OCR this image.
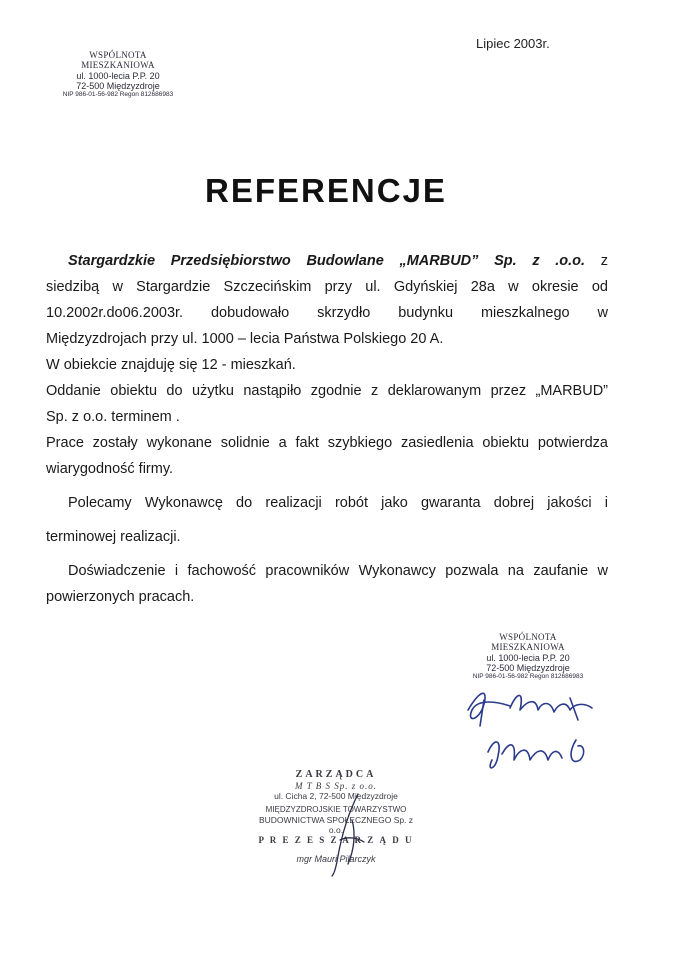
WSPÓLNOTA MIESZKANIOWA
ul. 1000-lecia P.P. 20
72-500 Międzyzdroje
NIP 986-01-56-982 Regon 812686983
Lipiec 2003r.
REFERENCJE

Stargardzkie Przedsiębiorstwo Budowlane „MARBUD” Sp. z .o.o. z

siedzibą w Stargardzie Szczecińskim przy ul. Gdyńskiej 28a w okresie od

10.2002r.do06.2003r. dobudowało skrzydło budynku mieszkalnego w

Międzyzdrojach przy ul. 1000 – lecia Państwa Polskiego 20 A.

W obiekcie znajduję się 12 - mieszkań.

Oddanie obiektu do użytku nastąpiło zgodnie z deklarowanym przez „MARBUD”

Sp. z o.o. terminem .

Prace zostały wykonane solidnie a fakt szybkiego zasiedlenia obiektu potwierdza

wiarygodność firmy.

Polecamy Wykonawcę do realizacji robót jako gwaranta dobrej jakości i

terminowej realizacji.

Doświadczenie i fachowość pracowników Wykonawcy pozwala na zaufanie w

powierzonych pracach.

WSPÓLNOTA MIESZKANIOWA
ul. 1000-lecia P.P. 20
72-500 Międzyzdroje
NIP 986-01-56-982 Regon 812686983
ZARZĄDCA
M T B S Sp. z o.o.
ul. Cicha 2, 72-500 Międzyzdroje
MIĘDZYZDROJSKIE TOWARZYSTWO
BUDOWNICTWA SPOŁECZNEGO Sp. z o.o.
P R E Z E S Z A R Z Ą D U
mgr Mauri Pilarczyk
